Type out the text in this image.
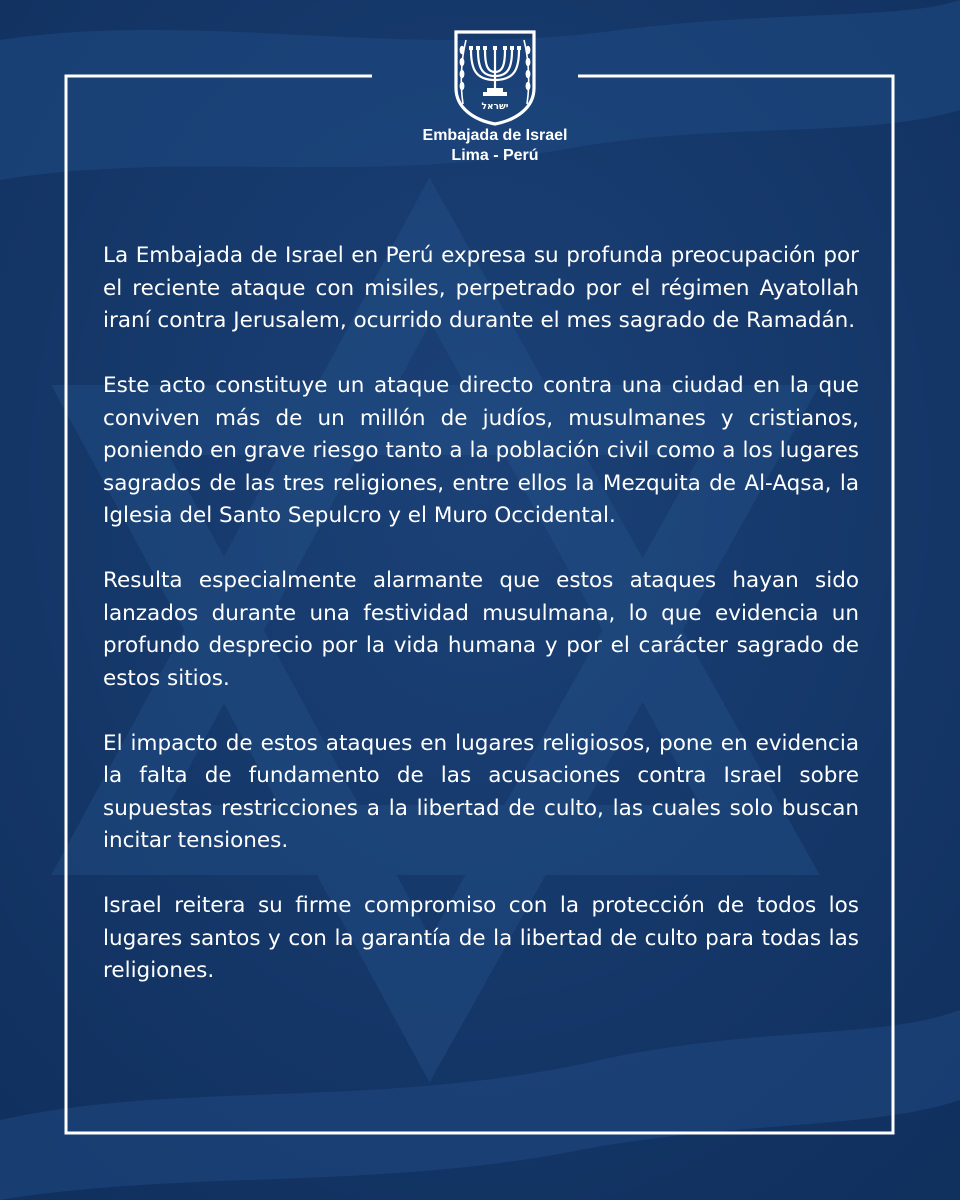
ישראל
Embajada de Israel
Lima - Perú

La Embajada de Israel en Perú expresa su profunda preocupación por el reciente ataque con misiles, perpetrado por el régimen Ayatollah iraní contra Jerusalem, ocurrido durante el mes sagrado de Ramadán.

Este acto constituye un ataque directo contra una ciudad en la que conviven más de un millón de judíos, musulmanes y cristianos, poniendo en grave riesgo tanto a la población civil como a los lugares sagrados de las tres religiones, entre ellos la Mezquita de Al-Aqsa, la Iglesia del Santo Sepulcro y el Muro Occidental.

Resulta especialmente alarmante que estos ataques hayan sido lanzados durante una festividad musulmana, lo que evidencia un profundo desprecio por la vida humana y por el carácter sagrado de estos sitios.

El impacto de estos ataques en lugares religiosos, pone en evidencia la falta de fundamento de las acusaciones contra Israel sobre supuestas restricciones a la libertad de culto, las cuales solo buscan incitar tensiones.

Israel reitera su firme compromiso con la protección de todos los lugares santos y con la garantía de la libertad de culto para todas las religiones.
